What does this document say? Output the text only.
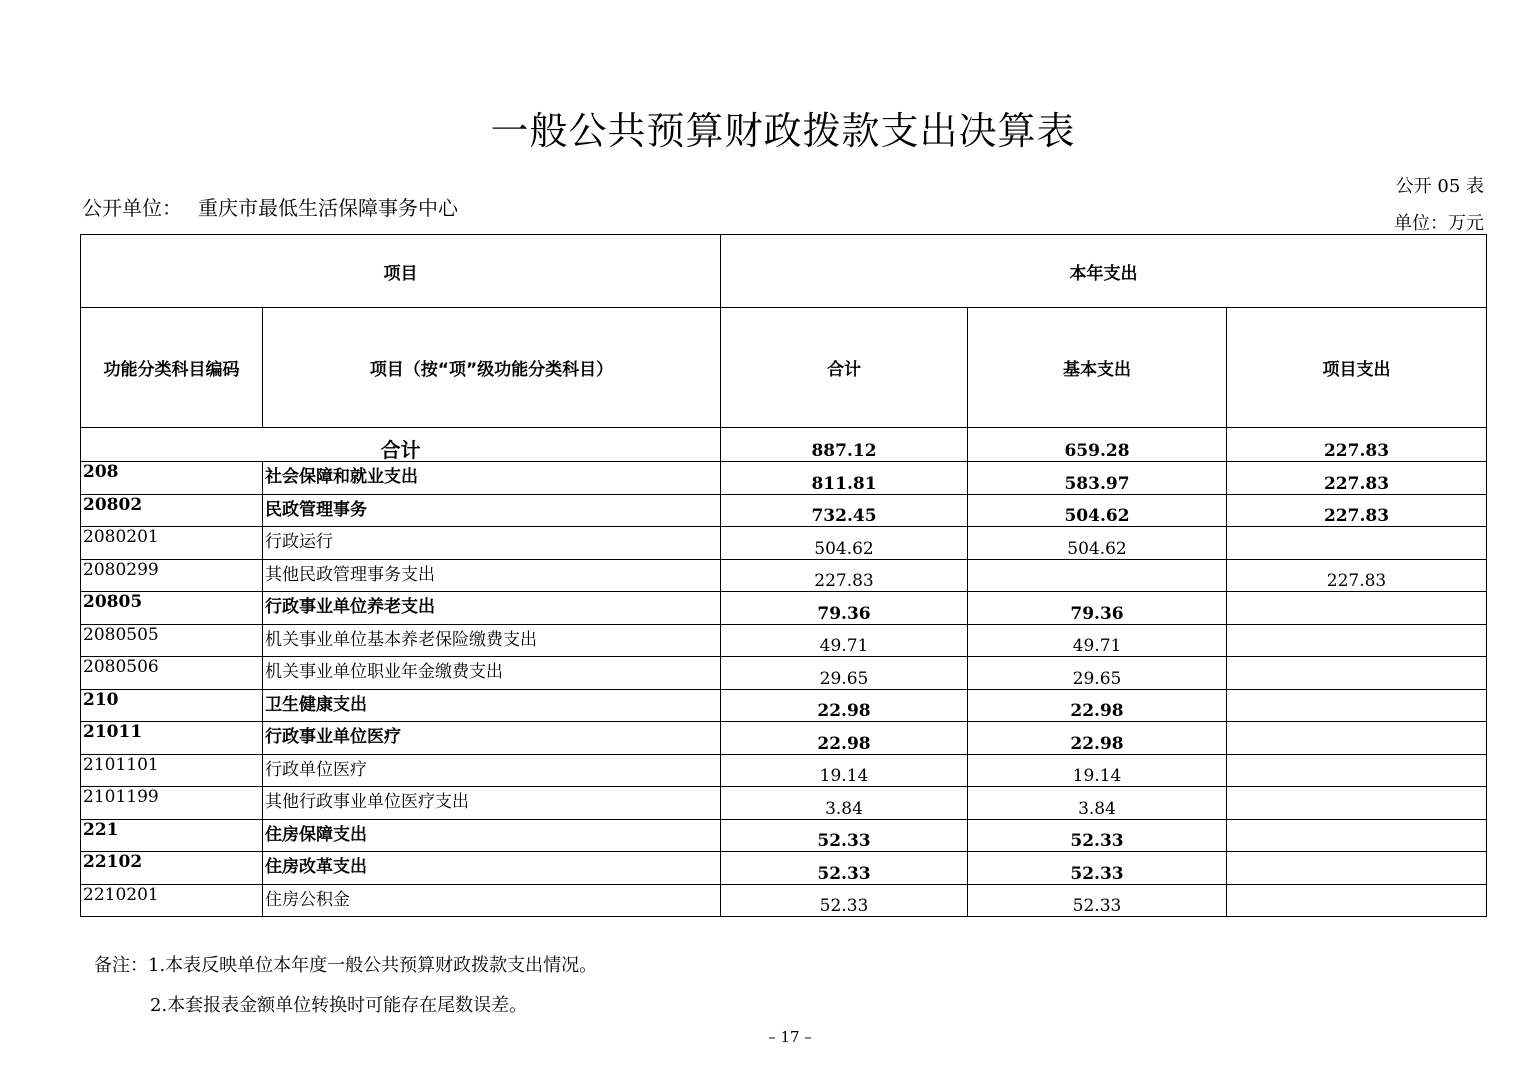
一般公共预算财政拨款支出决算表
公开 05 表
单位：万元
公开单位： 重庆市最低生活保障事务中心
项目		本年支出		
功能分类科目编码	项目（按“项”级功能分类科目）	合计	基本支出	项目支出
合计		887.12	659.28	227.83
208	社会保障和就业支出	811.81	583.97	227.83
20802	民政管理事务	732.45	504.62	227.83
2080201	行政运行	504.62	504.62	
2080299	其他民政管理事务支出	227.83		227.83
20805	行政事业单位养老支出	79.36	79.36	
2080505	机关事业单位基本养老保险缴费支出	49.71	49.71	
2080506	机关事业单位职业年金缴费支出	29.65	29.65	
210	卫生健康支出	22.98	22.98	
21011	行政事业单位医疗	22.98	22.98	
2101101	行政单位医疗	19.14	19.14	
2101199	其他行政事业单位医疗支出	3.84	3.84	
221	住房保障支出	52.33	52.33	
22102	住房改革支出	52.33	52.33	
2210201	住房公积金	52.33	52.33	
备注：1.本表反映单位本年度一般公共预算财政拨款支出情况。
2.本套报表金额单位转换时可能存在尾数误差。
– 17 –
